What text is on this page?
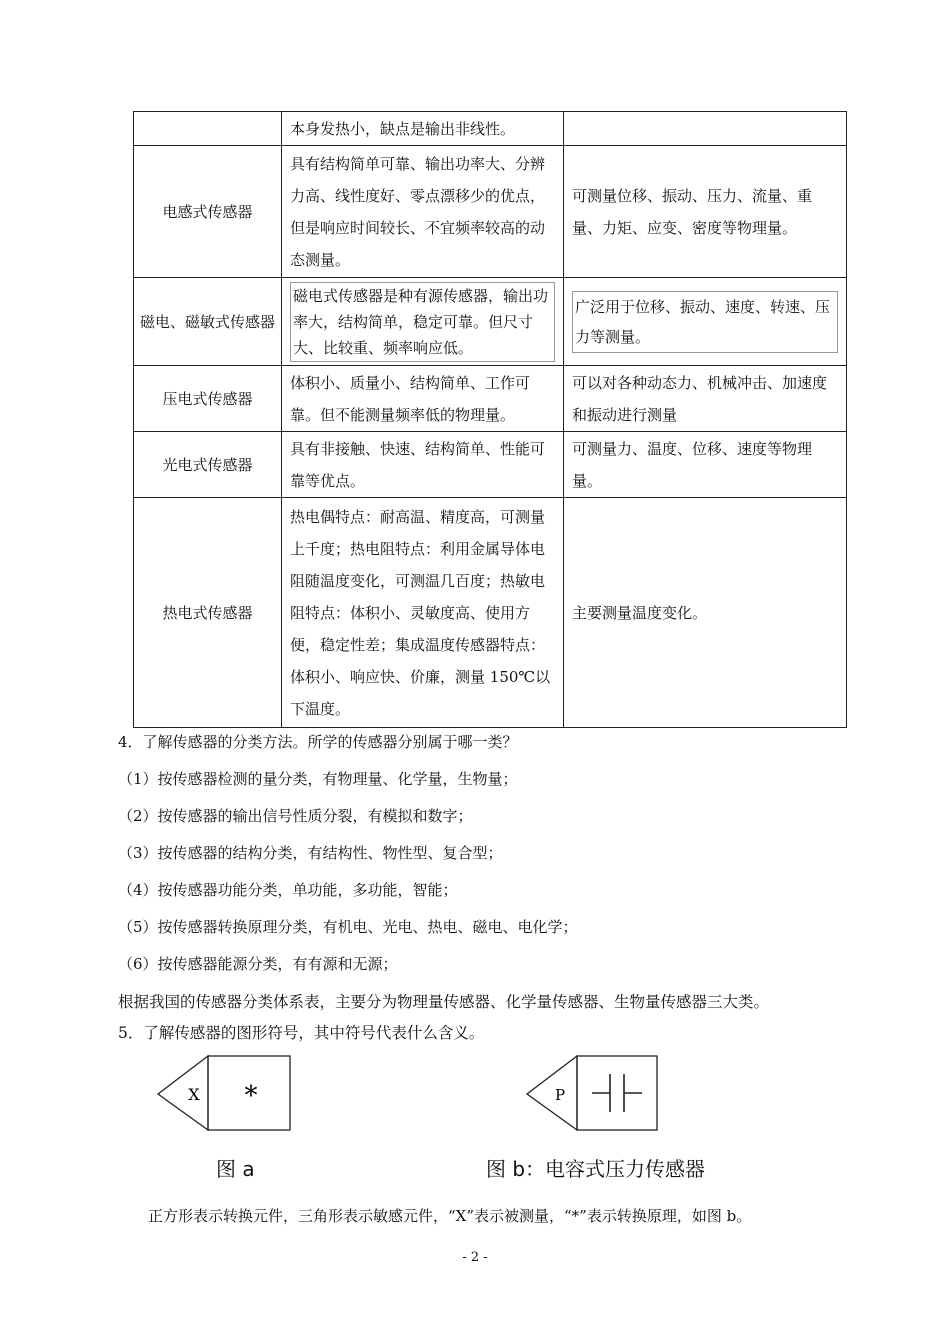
	本身发热小，缺点是输出非线性。	
电感式传感器	具有结构简单可靠、输出功率大、分辨力高、线性度好、零点漂移少的优点，但是响应时间较长、不宜频率较高的动态测量。	可测量位移、振动、压力、流量、重量、力矩、应变、密度等物理量。
磁电、磁敏式传感器	磁电式传感器是种有源传感器，输出功率大，结构简单，稳定可靠。但尺寸大、比较重、频率响应低。	广泛用于位移、振动、速度、转速、压力等测量。

压电式传感器	体积小、质量小、结构简单、工作可靠。但不能测量频率低的物理量。	可以对各种动态力、机械冲击、加速度和振动进行测量
光电式传感器	具有非接触、快速、结构简单、性能可靠等优点。	可测量力、温度、位移、速度等物理量。
热电式传感器	热电偶特点：耐高温、精度高，可测量上千度；热电阻特点：利用金属导体电阻随温度变化，可测温几百度；热敏电阻特点：体积小、灵敏度高、使用方便，稳定性差；集成温度传感器特点：体积小、响应快、价廉，测量 150℃以下温度。	主要测量温度变化。
4．了解传感器的分类方法。所学的传感器分别属于哪一类？
（1）按传感器检测的量分类，有物理量、化学量，生物量；
（2）按传感器的输出信号性质分裂，有模拟和数字；
（3）按传感器的结构分类，有结构性、物性型、复合型；
（4）按传感器功能分类，单功能，多功能，智能；
（5）按传感器转换原理分类，有机电、光电、热电、磁电、电化学；
（6）按传感器能源分类，有有源和无源；
根据我国的传感器分类体系表，主要分为物理量传感器、化学量传感器、生物量传感器三大类。
5．了解传感器的图形符号，其中符号代表什么含义。
X *	P
图 a	图 b：电容式压力传感器
正方形表示转换元件，三角形表示敏感元件，“X”表示被测量，“*”表示转换原理，如图 b。
- 2 -
